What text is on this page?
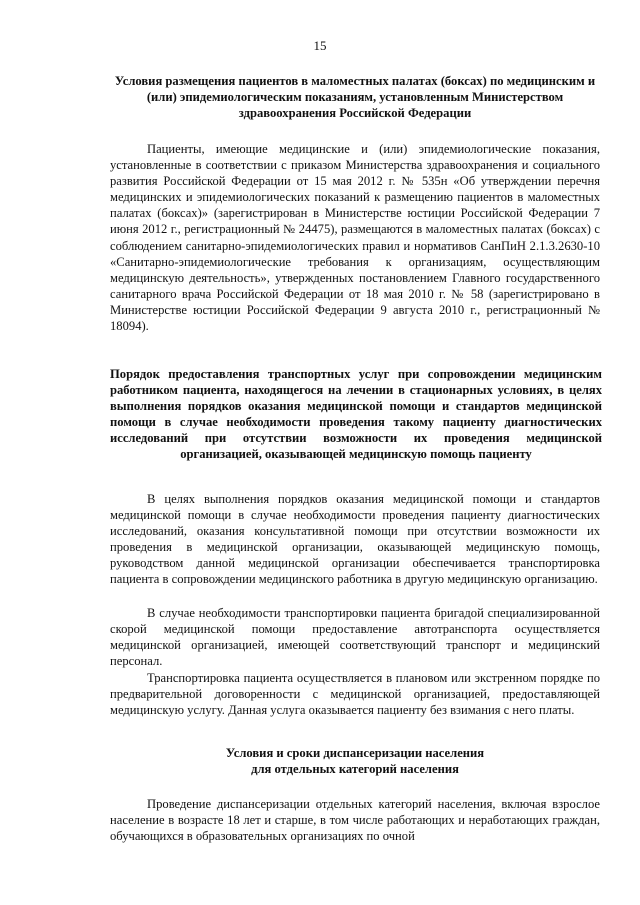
15
Условия размещения пациентов в маломестных палатах (боксах) по медицинским и (или) эпидемиологическим показаниям, установленным Министерством здравоохранения Российской Федерации

Пациенты, имеющие медицинские и (или) эпидемиологические показания, установленные в соответствии с приказом Министерства здравоохранения и социального развития Российской Федерации от 15 мая 2012 г. № 535н «Об утверждении перечня медицинских и эпидемиологических показаний к размещению пациентов в маломестных палатах (боксах)» (зарегистрирован в Министерстве юстиции Российской Федерации 7 июня 2012 г., регистрационный № 24475), размещаются в маломестных палатах (боксах) с соблюдением санитарно-эпидемиологических правил и нормативов СанПиН 2.1.3.2630-10 «Санитарно-эпидемиологические требования к организациям, осуществляющим медицинскую деятельность», утвержденных постановлением Главного государственного санитарного врача Российской Федерации от 18 мая 2010 г. № 58 (зарегистрировано в Министерстве юстиции Российской Федерации 9 августа 2010 г., регистрационный № 18094).

Порядок предоставления транспортных услуг при сопровождении медицинским работником пациента, находящегося на лечении в стационарных условиях, в целях выполнения порядков оказания медицинской помощи и стандартов медицинской помощи в случае необходимости проведения такому пациенту диагностических исследований при отсутствии возможности их проведения медицинской организацией, оказывающей медицинскую помощь пациенту

В целях выполнения порядков оказания медицинской помощи и стандартов медицинской помощи в случае необходимости проведения пациенту диагностических исследований, оказания консультативной помощи при отсутствии возможности их проведения в медицинской организации, оказывающей медицинскую помощь, руководством данной медицинской организации обеспечивается транспортировка пациента в сопровождении медицинского работника в другую медицинскую организацию.

В случае необходимости транспортировки пациента бригадой специализированной скорой медицинской помощи предоставление автотранспорта осуществляется медицинской организацией, имеющей соответствующий транспорт и медицинский персонал.

Транспортировка пациента осуществляется в плановом или экстренном порядке по предварительной договоренности с медицинской организацией, предоставляющей медицинскую услугу. Данная услуга оказывается пациенту без взимания с него платы.

Условия и сроки диспансеризации населения
для отдельных категорий населения

Проведение диспансеризации отдельных категорий населения, включая взрослое население в возрасте 18 лет и старше, в том числе работающих и неработающих граждан, обучающихся в образовательных организациях по очной
